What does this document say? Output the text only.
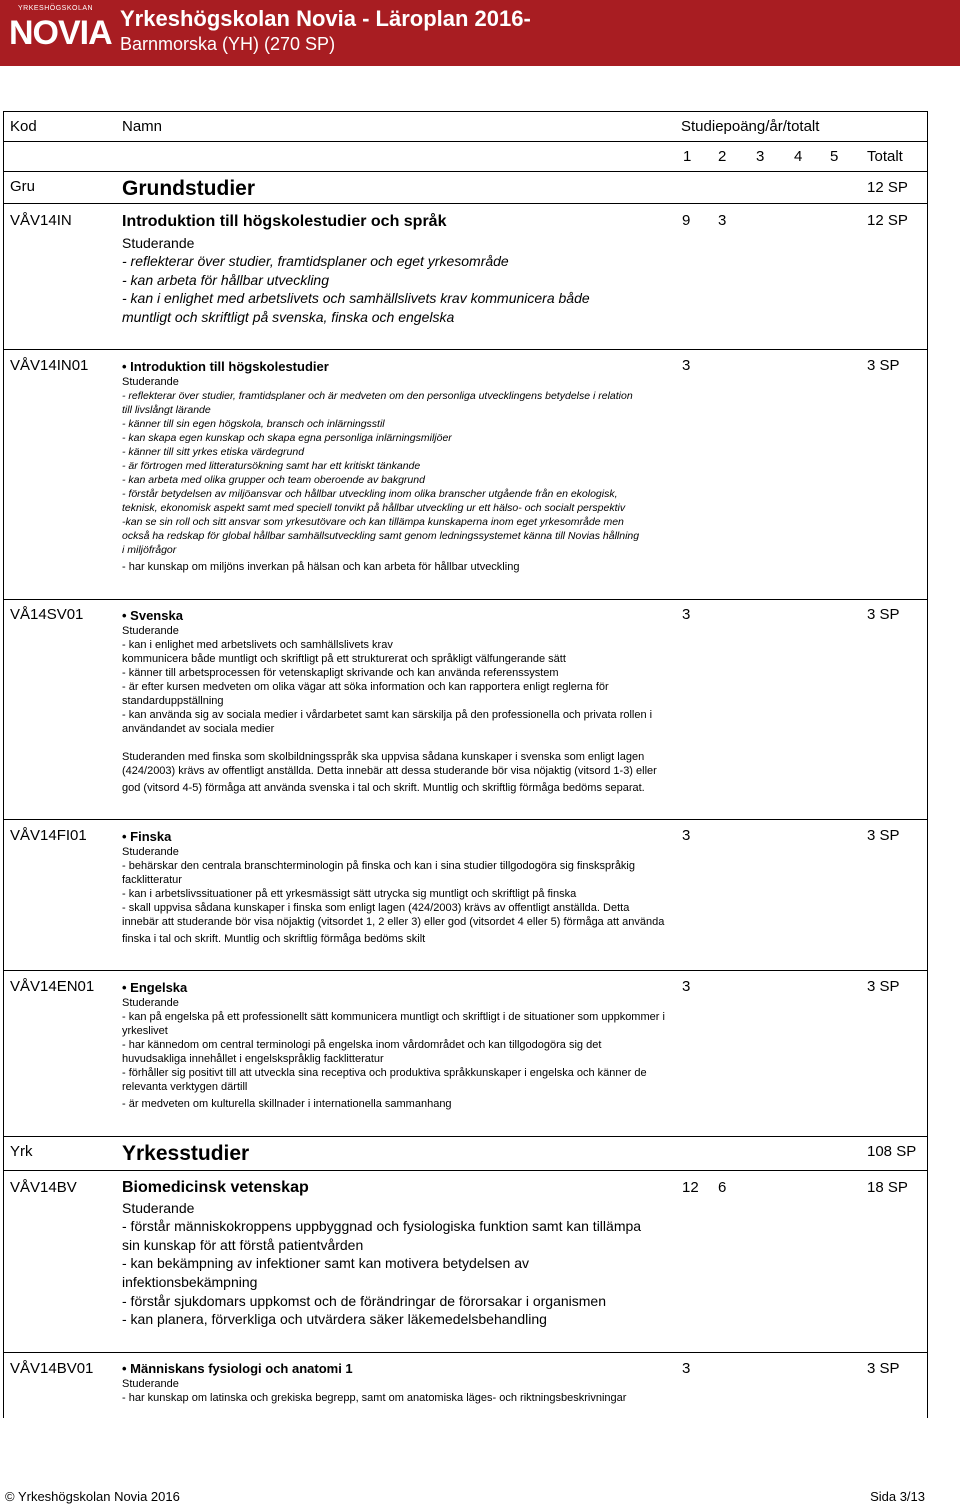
YRKESHÖGSKOLAN
NOVIA Yrkeshögskolan Novia - Läroplan 2016-
Barnmorska (YH) (270 SP)
Kod	Namn	Studiepoäng/år/totalt
1 2 3 4 5 Totalt
Gru	Grundstudier	12 SP
VÅV14IN	Introduktion till högskolestudier och språk	9 3	12 SP
Studerande
- reflekterar över studier, framtidsplaner och eget yrkesområde
- kan arbeta för hållbar utveckling
- kan i enlighet med arbetslivets och samhällslivets krav kommunicera både
muntligt och skriftligt på svenska, finska och engelska
VÅV14IN01	• Introduktion till högskolestudier	3	3 SP
Studerande
- reflekterar över studier, framtidsplaner och är medveten om den personliga utvecklingens betydelse i relation
till livslångt lärande
- känner till sin egen högskola, bransch och inlärningsstil
- kan skapa egen kunskap och skapa egna personliga inlärningsmiljöer
- känner till sitt yrkes etiska värdegrund
- är förtrogen med litteratursökning samt har ett kritiskt tänkande
- kan arbeta med olika grupper och team oberoende av bakgrund
- förstår betydelsen av miljöansvar och hållbar utveckling inom olika branscher utgående från en ekologisk,
teknisk, ekonomisk aspekt samt med speciell tonvikt på hållbar utveckling ur ett hälso- och socialt perspektiv
-kan se sin roll och sitt ansvar som yrkesutövare och kan tillämpa kunskaperna inom eget yrkesområde men
också ha redskap för global hållbar samhällsutveckling samt genom ledningssystemet känna till Novias hållning
i miljöfrågor
- har kunskap om miljöns inverkan på hälsan och kan arbeta för hållbar utveckling
VÅ14SV01	• Svenska	3	3 SP
Studerande
- kan i enlighet med arbetslivets och samhällslivets krav
kommunicera både muntligt och skriftligt på ett strukturerat och språkligt välfungerande sätt
- känner till arbetsprocessen för vetenskapligt skrivande och kan använda referenssystem
- är efter kursen medveten om olika vägar att söka information och kan rapportera enligt reglerna för
standarduppställning
- kan använda sig av sociala medier i vårdarbetet samt kan särskilja på den professionella och privata rollen i
användandet av sociala medier
Studeranden med finska som skolbildningsspråk ska uppvisa sådana kunskaper i svenska som enligt lagen
(424/2003) krävs av offentligt anställda. Detta innebär att dessa studerande bör visa nöjaktig (vitsord 1-3) eller
god (vitsord 4-5) förmåga att använda svenska i tal och skrift. Muntlig och skriftlig förmåga bedöms separat.
VÅV14FI01	• Finska	3	3 SP
Studerande
- behärskar den centrala branschterminologin på finska och kan i sina studier tillgodogöra sig finskspråkig
facklitteratur
- kan i arbetslivssituationer på ett yrkesmässigt sätt utrycka sig muntligt och skriftligt på finska
- skall uppvisa sådana kunskaper i finska som enligt lagen (424/2003) krävs av offentligt anställda. Detta
innebär att studerande bör visa nöjaktig (vitsordet 1, 2 eller 3) eller god (vitsordet 4 eller 5) förmåga att använda
finska i tal och skrift. Muntlig och skriftlig förmåga bedöms skilt
VÅV14EN01 • Engelska	3	3 SP
Studerande
- kan på engelska på ett professionellt sätt kommunicera muntligt och skriftligt i de situationer som uppkommer i
yrkeslivet
- har kännedom om central terminologi på engelska inom vårdområdet och kan tillgodogöra sig det
huvudsakliga innehållet i engelskspråklig facklitteratur
- förhåller sig positivt till att utveckla sina receptiva och produktiva språkkunskaper i engelska och känner de
relevanta verktygen därtill
- är medveten om kulturella skillnader i internationella sammanhang
Yrk	Yrkesstudier	108 SP
VÅV14BV	Biomedicinsk vetenskap	12 6	18 SP
Studerande
- förstår människokroppens uppbyggnad och fysiologiska funktion samt kan tillämpa
sin kunskap för att förstå patientvården
- kan bekämpning av infektioner samt kan motivera betydelsen av
infektionsbekämpning
- förstår sjukdomars uppkomst och de förändringar de förorsakar i organismen
- kan planera, förverkliga och utvärdera säker läkemedelsbehandling
VÅV14BV01 • Människans fysiologi och anatomi 1	3	3 SP
Studerande
- har kunskap om latinska och grekiska begrepp, samt om anatomiska läges- och riktningsbeskrivningar
© Yrkeshögskolan Novia 2016	Sida 3/13
